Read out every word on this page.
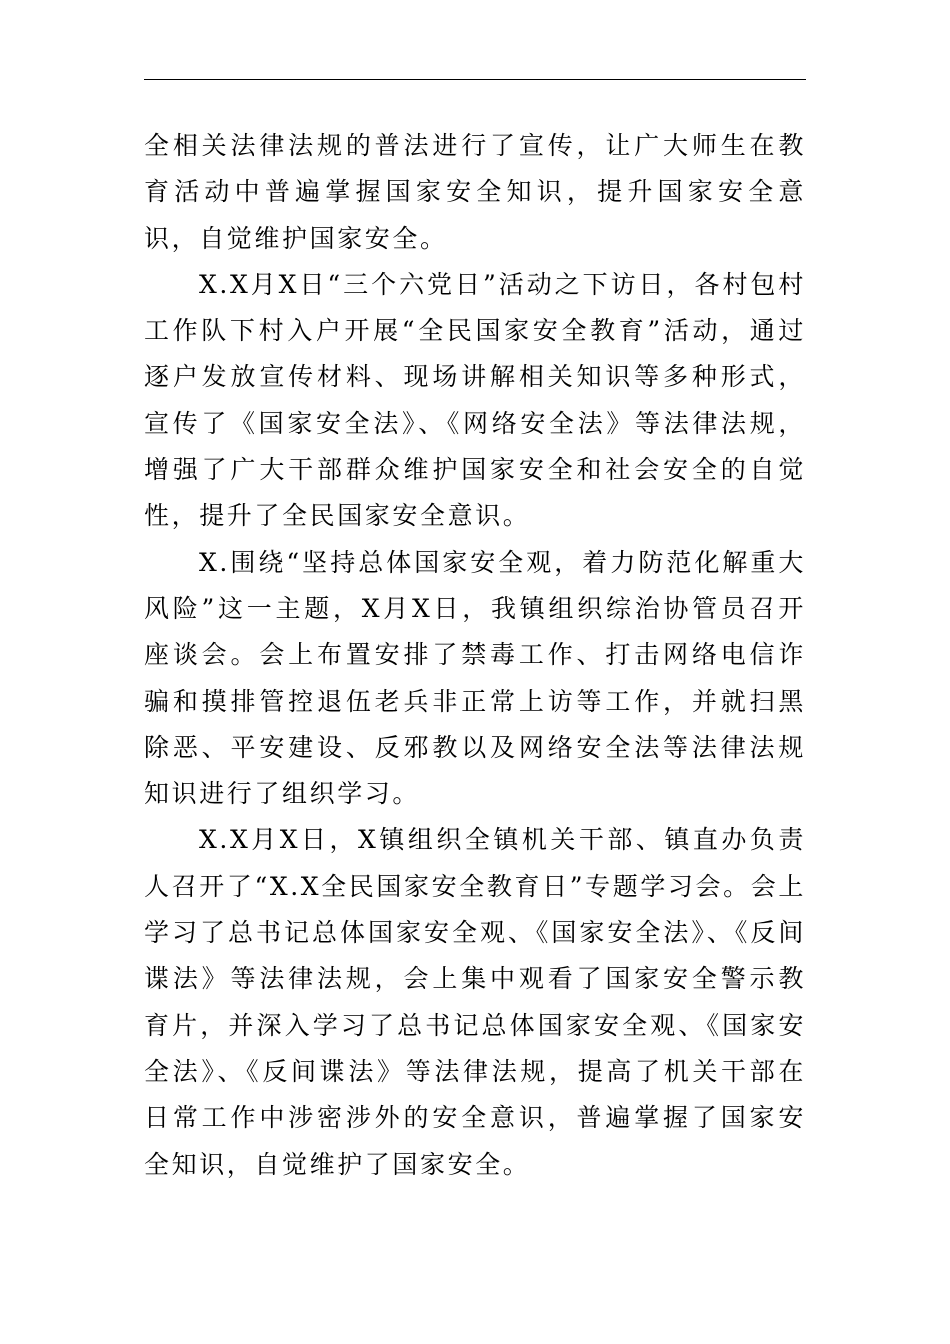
全相关法律法规的普法进行了宣传，让广大师生在教育活动中普遍掌握国家安全知识，提升国家安全意识，自觉维护国家安全。

X.X月X日“三个六党日”活动之下访日，各村包村工作队下村入户开展“全民国家安全教育”活动，通过逐户发放宣传材料、现场讲解相关知识等多种形式，宣传了《国家安全法》、《网络安全法》等法律法规，增强了广大干部群众维护国家安全和社会安全的自觉性，提升了全民国家安全意识。

X.围绕“坚持总体国家安全观，着力防范化解重大风险”这一主题，X月X日，我镇组织综治协管员召开座谈会。会上布置安排了禁毒工作、打击网络电信诈骗和摸排管控退伍老兵非正常上访等工作，并就扫黑除恶、平安建设、反邪教以及网络安全法等法律法规知识进行了组织学习。

X.X月X日，X镇组织全镇机关干部、镇直办负责人召开了“X.X全民国家安全教育日”专题学习会。会上学习了总书记总体国家安全观、《国家安全法》、《反间谍法》等法律法规，会上集中观看了国家安全警示教育片，并深入学习了总书记总体国家安全观、《国家安全法》、《反间谍法》等法律法规，提高了机关干部在日常工作中涉密涉外的安全意识，普遍掌握了国家安全知识，自觉维护了国家安全。
